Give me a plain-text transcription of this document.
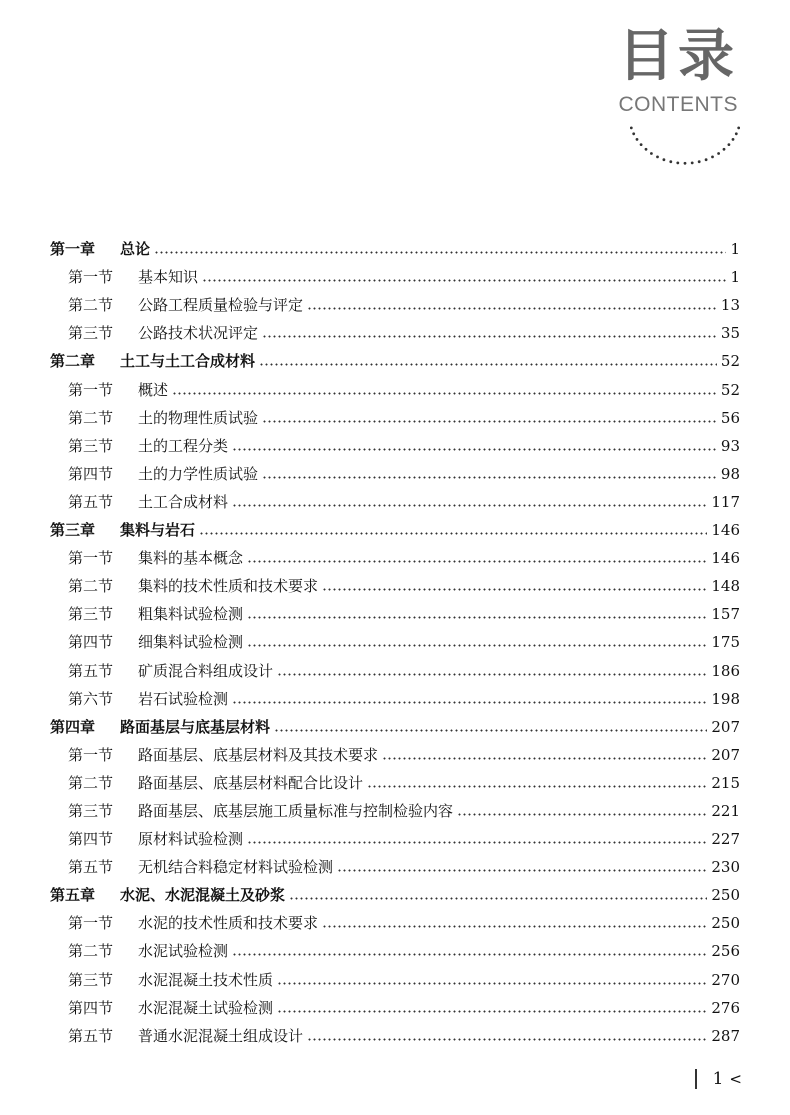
目录
CONTENTS
第一章 总论	1
第一节 基本知识	1
第二节 公路工程质量检验与评定	13
第三节 公路技术状况评定	35
第二章 土工与土工合成材料	52
第一节 概述	52
第二节 土的物理性质试验	56
第三节 土的工程分类	93
第四节 土的力学性质试验	98
第五节 土工合成材料	117
第三章 集料与岩石	146
第一节 集料的基本概念	146
第二节 集料的技术性质和技术要求	148
第三节 粗集料试验检测	157
第四节 细集料试验检测	175
第五节 矿质混合料组成设计	186
第六节 岩石试验检测	198
第四章 路面基层与底基层材料	207
第一节 路面基层、底基层材料及其技术要求	207
第二节 路面基层、底基层材料配合比设计	215
第三节 路面基层、底基层施工质量标准与控制检验内容	221
第四节 原材料试验检测	227
第五节 无机结合料稳定材料试验检测	230
第五章 水泥、水泥混凝土及砂浆	250
第一节 水泥的技术性质和技术要求	250
第二节 水泥试验检测	256
第三节 水泥混凝土技术性质	270
第四节 水泥混凝土试验检测	276
第五节 普通水泥混凝土组成设计	287
1 <
